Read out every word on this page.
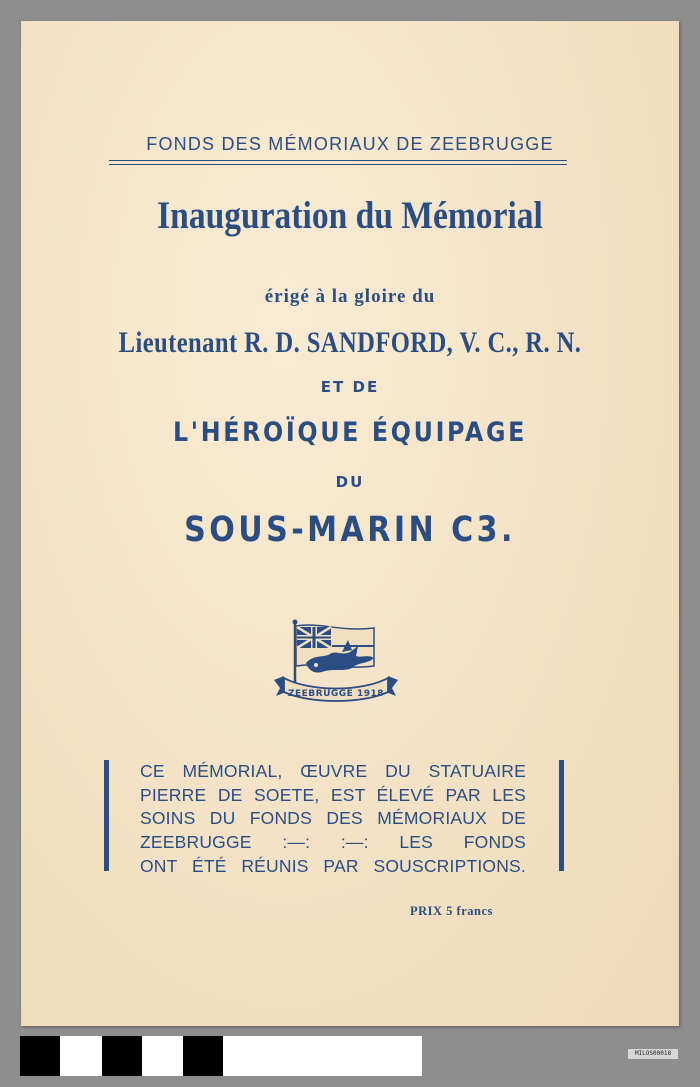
FONDS DES MÉMORIAUX DE ZEEBRUGGE

Inauguration du Mémorial

érigé à la gloire du

Lieutenant R. D. SANDFORD, V. C., R. N.

ET DE

L'HÉROÏQUE ÉQUIPAGE

DU

SOUS-MARIN C3.

ZEEBRUGGE 1918
CE MÉMORIAL, ŒUVRE DU STATUAIRE
PIERRE DE SOETE, EST ÉLEVÉ PAR LES
SOINS DU FONDS DES MÉMORIAUX DE
ZEEBRUGGE :—: :—: LES FONDS
ONT ÉTÉ RÉUNIS PAR SOUSCRIPTIONS.

PRIX 5 francs

MILOS00018
